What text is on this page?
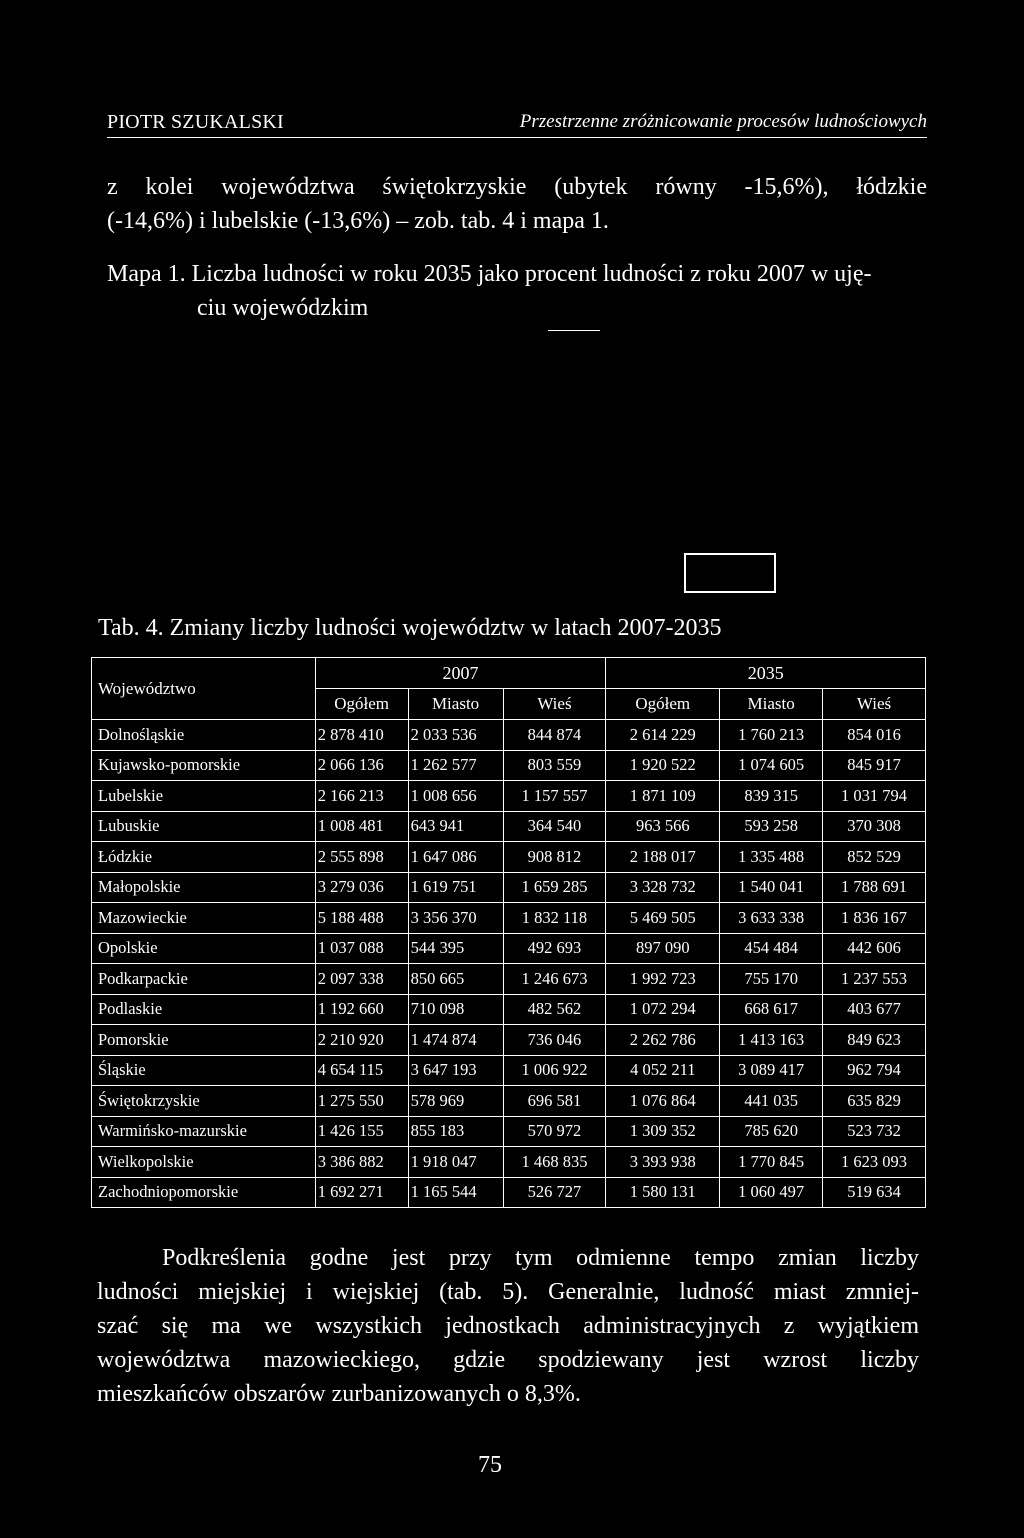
PIOTR SZUKALSKI	Przestrzenne zróżnicowanie procesów ludnościowych
z kolei województwa świętokrzyskie (ubytek równy -15,6%), łódzkie
(-14,6%) i lubelskie (-13,6%) – zob. tab. 4 i mapa 1.
Mapa 1. Liczba ludności w roku 2035 jako procent ludności z roku 2007 w uję-
ciu wojewódzkim
Tab. 4. Zmiany liczby ludności województw w latach 2007-2035
Województwo	2007			2035		
	Ogółem	Miasto	Wieś	Ogółem	Miasto	Wieś
Dolnośląskie	2 878 410	2 033 536	844 874	2 614 229	1 760 213	854 016
Kujawsko-pomorskie	2 066 136	1 262 577	803 559	1 920 522	1 074 605	845 917
Lubelskie	2 166 213	1 008 656	1 157 557	1 871 109	839 315	1 031 794
Lubuskie	1 008 481	643 941	364 540	963 566	593 258	370 308
Łódzkie	2 555 898	1 647 086	908 812	2 188 017	1 335 488	852 529
Małopolskie	3 279 036	1 619 751	1 659 285	3 328 732	1 540 041	1 788 691
Mazowieckie	5 188 488	3 356 370	1 832 118	5 469 505	3 633 338	1 836 167
Opolskie	1 037 088	544 395	492 693	897 090	454 484	442 606
Podkarpackie	2 097 338	850 665	1 246 673	1 992 723	755 170	1 237 553
Podlaskie	1 192 660	710 098	482 562	1 072 294	668 617	403 677
Pomorskie	2 210 920	1 474 874	736 046	2 262 786	1 413 163	849 623
Śląskie	4 654 115	3 647 193	1 006 922	4 052 211	3 089 417	962 794
Świętokrzyskie	1 275 550	578 969	696 581	1 076 864	441 035	635 829
Warmińsko-mazurskie	1 426 155	855 183	570 972	1 309 352	785 620	523 732
Wielkopolskie	3 386 882	1 918 047	1 468 835	3 393 938	1 770 845	1 623 093
Zachodniopomorskie	1 692 271	1 165 544	526 727	1 580 131	1 060 497	519 634
Podkreślenia godne jest przy tym odmienne tempo zmian liczby
ludności miejskiej i wiejskiej (tab. 5). Generalnie, ludność miast zmniej-
szać się ma we wszystkich jednostkach administracyjnych z wyjątkiem
województwa mazowieckiego, gdzie spodziewany jest wzrost liczby
mieszkańców obszarów zurbanizowanych o 8,3%.
75
